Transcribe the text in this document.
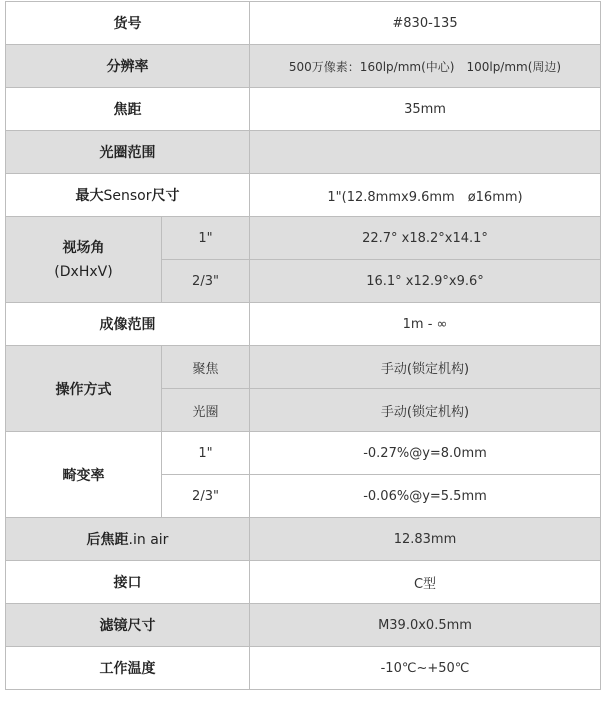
货号		#830-135
分辨率		500万像素：160lp/mm(中心)　100lp/mm(周边)
焦距		35mm
光圈范围		
最大Sensor尺寸		1"(12.8mmx9.6mm　ø16mm)

视场角
(DxHxV)	1"	22.7° x18.2°x14.1°
	2/3"	16.1° x12.9°x9.6°
成像范围		1m - ∞
操作方式	聚焦	手动(锁定机构)
	光圈	手动(锁定机构)
畸变率	1"	-0.27%@y=8.0mm
	2/3"	-0.06%@y=5.5mm
后焦距.in air		12.83mm
接口		C型
滤镜尺寸		M39.0x0.5mm
工作温度		-10℃~+50℃
